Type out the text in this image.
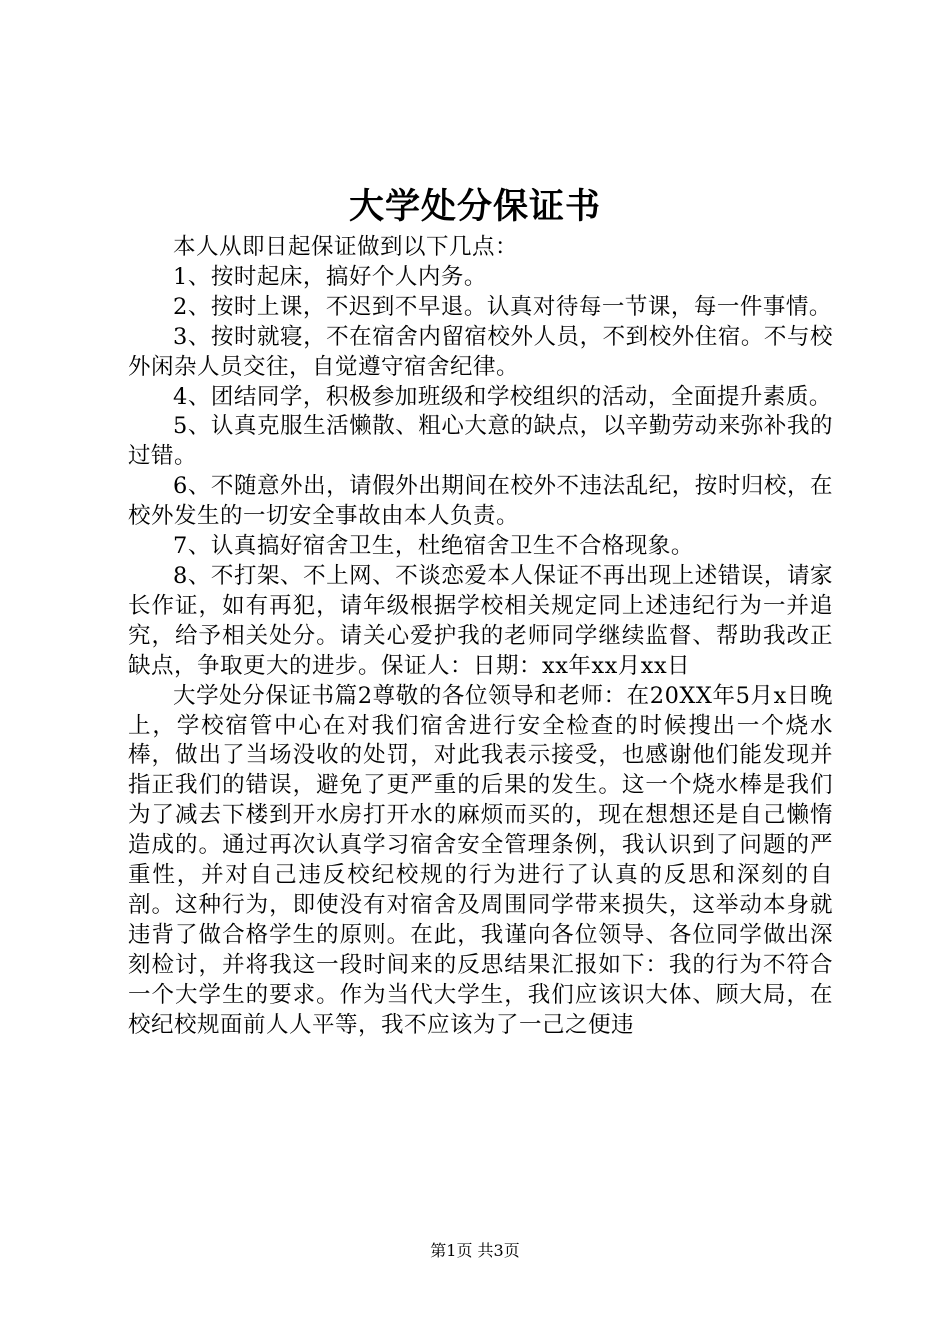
大学处分保证书

本人从即日起保证做到以下几点：

1、按时起床，搞好个人内务。

2、按时上课，不迟到不早退。认真对待每一节课，每一件事情。

3、按时就寝，不在宿舍内留宿校外人员，不到校外住宿。不与校外闲杂人员交往，自觉遵守宿舍纪律。

4、团结同学，积极参加班级和学校组织的活动，全面提升素质。

5、认真克服生活懒散、粗心大意的缺点，以辛勤劳动来弥补我的过错。

6、不随意外出，请假外出期间在校外不违法乱纪，按时归校，在校外发生的一切安全事故由本人负责。

7、认真搞好宿舍卫生，杜绝宿舍卫生不合格现象。

8、不打架、不上网、不谈恋爱本人保证不再出现上述错误，请家长作证，如有再犯，请年级根据学校相关规定同上述违纪行为一并追究，给予相关处分。请关心爱护我的老师同学继续监督、帮助我改正缺点，争取更大的进步。保证人：日期：xx年xx月xx日

大学处分保证书篇2尊敬的各位领导和老师：在20XX年5月x日晚上，学校宿管中心在对我们宿舍进行安全检查的时候搜出一个烧水棒，做出了当场没收的处罚，对此我表示接受，也感谢他们能发现并指正我们的错误，避免了更严重的后果的发生。这一个烧水棒是我们为了减去下楼到开水房打开水的麻烦而买的，现在想想还是自己懒惰造成的。通过再次认真学习宿舍安全管理条例，我认识到了问题的严重性，并对自己违反校纪校规的行为进行了认真的反思和深刻的自剖。这种行为，即使没有对宿舍及周围同学带来损失，这举动本身就违背了做合格学生的原则。在此，我谨向各位领导、各位同学做出深刻检讨，并将我这一段时间来的反思结果汇报如下：我的行为不符合一个大学生的要求。作为当代大学生，我们应该识大体、顾大局，在校纪校规面前人人平等，我不应该为了一己之便违

第1页 共3页
